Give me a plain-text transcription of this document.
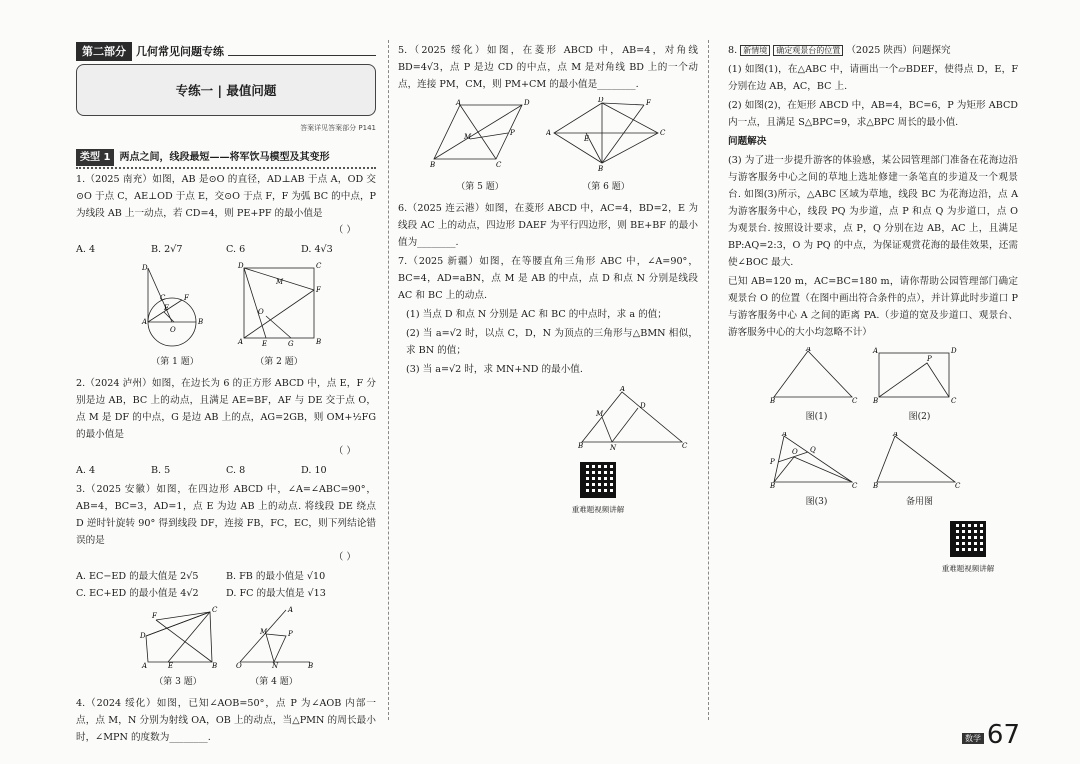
第二部分 几何常见问题专练
专练一 | 最值问题
答案详见答案部分 P141
类型 1 两点之间，线段最短——将军饮马模型及其变形
1.（2025 南充）如图，AB 是⊙O 的直径，AD⊥AB 于点 A，OD 交⊙O 于点 C，AE⊥OD 于点 E，交⊙O 于点 F，F 为弧 BC 的中点，P 为线段 AB 上一动点，若 CD=4，则 PE+PF 的最小值是
（ ）
A. 4	B. 2√7	C. 6	D. 4√3
D
A	B
O
F
C
E
（第 1 题）
D	C
A	B
F
E	G
M
O
（第 2 题）
2.（2024 泸州）如图，在边长为 6 的正方形 ABCD 中，点 E，F 分别是边 AB，BC 上的动点，且满足 AE=BF，AF 与 DE 交于点 O，点 M 是 DF 的中点，G 是边 AB 上的点，AG=2GB，则 OM+½FG 的最小值是
（ ）
A. 4	B. 5	C. 8	D. 10
3.（2025 安徽）如图，在四边形 ABCD 中，∠A=∠ABC=90°，AB=4，BC=3，AD=1，点 E 为边 AB 上的动点. 将线段 DE 绕点 D 逆时针旋转 90° 得到线段 DF，连接 FB，FC，EC，则下列结论错误的是
（ ）
A. EC−ED 的最大值是 2√5	B. FB 的最小值是 √10
C. EC+ED 的最小值是 4√2	D. FC 的最大值是 √13
F
C
D
A	E	B
（第 3 题）
A
M	P
O	N	B
（第 4 题）
4.（2024 绥化）如图，已知∠AOB=50°，点 P 为∠AOB 内部一点，点 M，N 分别为射线 OA，OB 上的动点，当△PMN 的周长最小时，∠MPN 的度数为________.
5.（2025 绥化）如图，在菱形 ABCD 中，AB=4，对角线 BD=4√3，点 P 是边 CD 的中点，点 M 是对角线 BD 上的一个动点，连接 PM，CM，则 PM+CM 的最小值是________.
A	D
B	C
P
M
（第 5 题）
D	F
A	C
E
B
（第 6 题）
6.（2025 连云港）如图，在菱形 ABCD 中，AC=4，BD=2，E 为线段 AC 上的动点，四边形 DAEF 为平行四边形，则 BE+BF 的最小值为________.
7.（2025 新疆）如图，在等腰直角三角形 ABC 中，∠A=90°，BC=4，AD=aBN，点 M 是 AB 的中点，点 D 和点 N 分别是线段 AC 和 BC 上的动点.
(1) 当点 D 和点 N 分别是 AC 和 BC 的中点时，求 a 的值；
(2) 当 a=√2 时，以点 C，D，N 为顶点的三角形与△BMN 相似，求 BN 的值；
(3) 当 a=√2 时，求 MN+ND 的最小值.
A
M
D
B	N	C
重难题视频讲解
8. 新情境 确定观景台的位置 （2025 陕西）问题探究
(1) 如图(1)，在△ABC 中，请画出一个▱BDEF，使得点 D，E，F 分别在边 AB，AC，BC 上.
(2) 如图(2)，在矩形 ABCD 中，AB=4，BC=6，P 为矩形 ABCD 内一点，且满足 S△BPC=9，求△BPC 周长的最小值.
问题解决
(3) 为了进一步提升游客的体验感，某公园管理部门准备在花海边沿与游客服务中心之间的草地上选址修建一条笔直的步道及一个观景台. 如图(3)所示，△ABC 区域为草地，线段 BC 为花海边沿，点 A 为游客服务中心，线段 PQ 为步道，点 P 和点 Q 为步道口，点 O 为观景台. 按照设计要求，点 P，Q 分别在边 AB，AC 上，且满足 BP:AQ=2:3，O 为 PQ 的中点，为保证观赏花海的最佳效果，还需使∠BOC 最大.
已知 AB=120 m，AC=BC=180 m，请你帮助公园管理部门确定观景台 O 的位置（在图中画出符合条件的点），并计算此时步道口 P 与游客服务中心 A 之间的距离 PA.（步道的宽及步道口、观景台、游客服务中心的大小均忽略不计）
A
B	C
图(1)
A	D
P
B	C
图(2)
A
P
Q
O
B	C
图(3)
A
B	C
备用图
重难题视频讲解
数学 67
